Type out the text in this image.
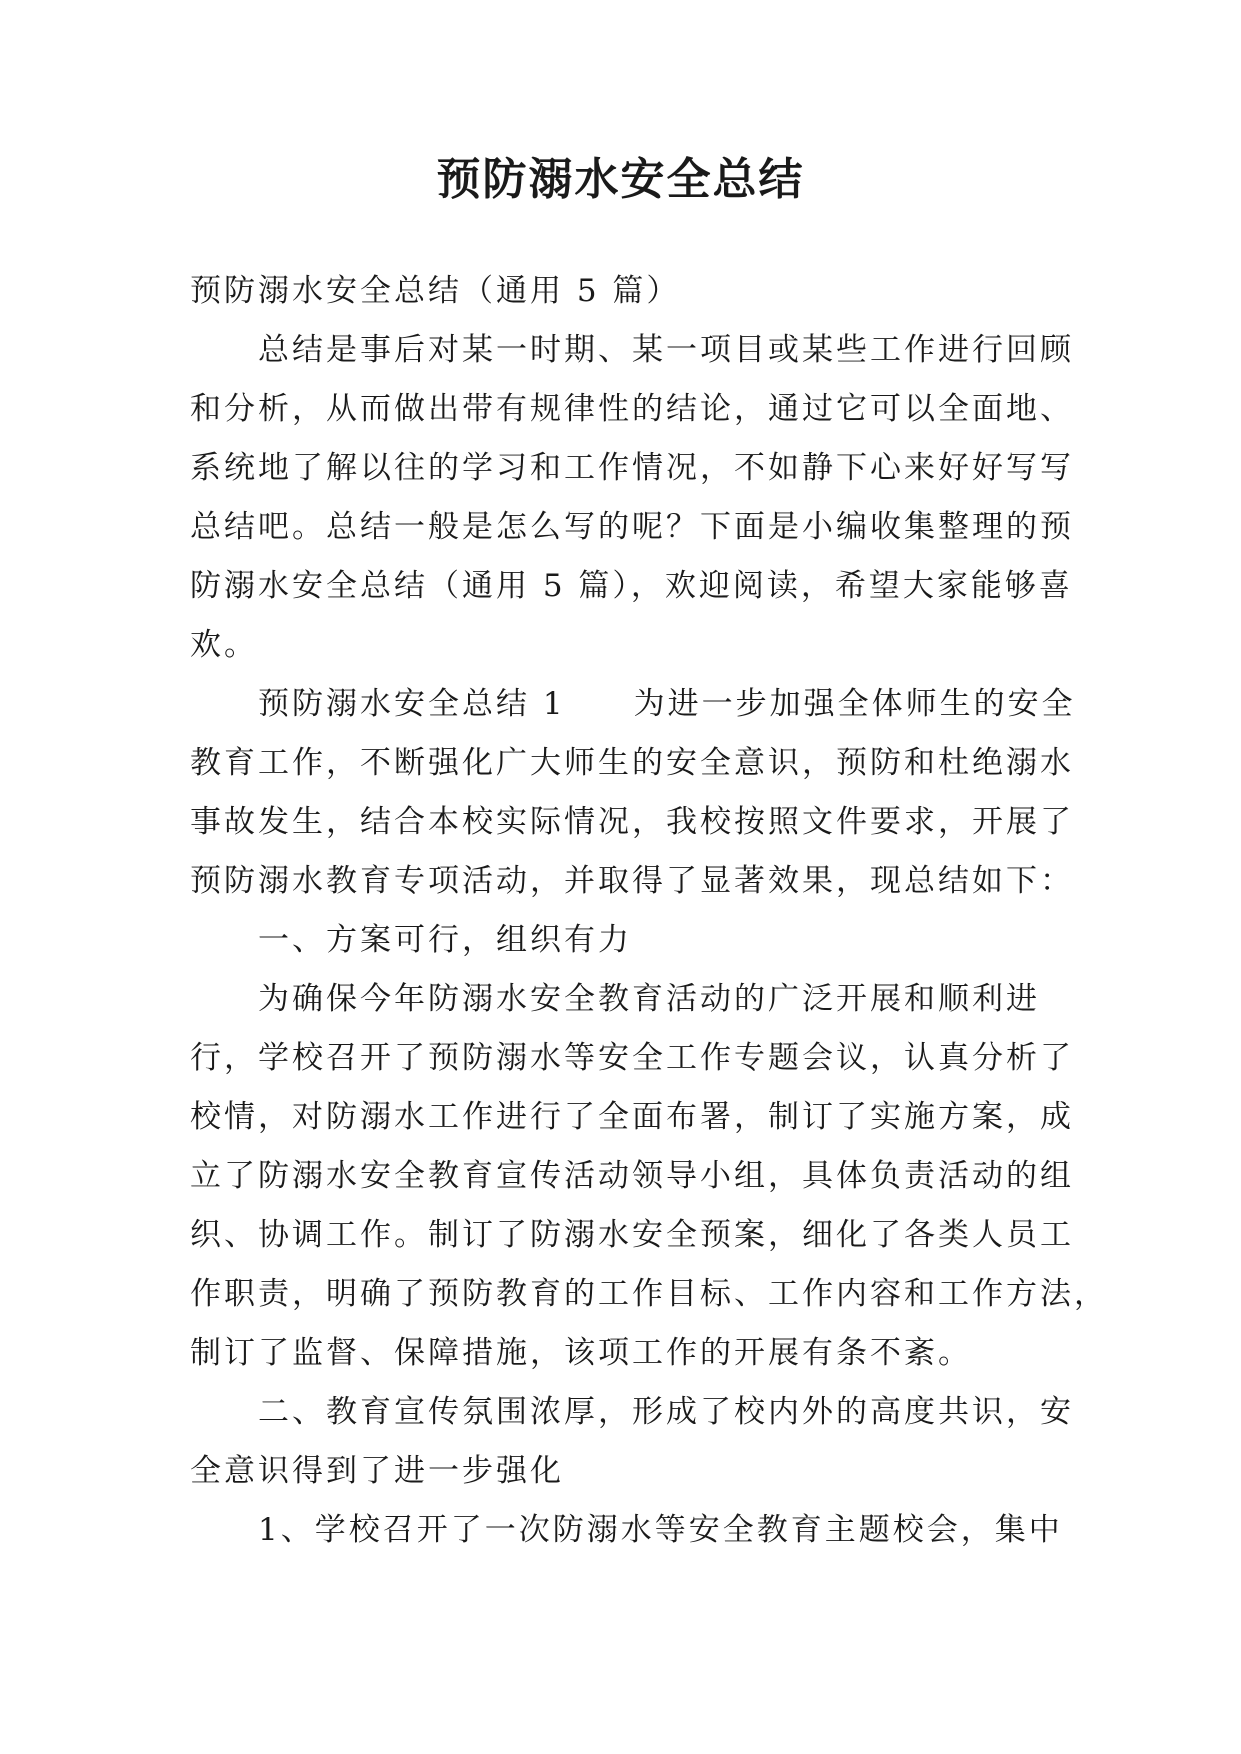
预防溺水安全总结
预防溺水安全总结（通用 5 篇）
总结是事后对某一时期、某一项目或某些工作进行回顾
和分析，从而做出带有规律性的结论，通过它可以全面地、
系统地了解以往的学习和工作情况，不如静下心来好好写写
总结吧。总结一般是怎么写的呢？下面是小编收集整理的预
防溺水安全总结（通用 5 篇），欢迎阅读，希望大家能够喜
欢。
预防溺水安全总结 1　　为进一步加强全体师生的安全
教育工作，不断强化广大师生的安全意识，预防和杜绝溺水
事故发生，结合本校实际情况，我校按照文件要求，开展了
预防溺水教育专项活动，并取得了显著效果，现总结如下：
一、方案可行，组织有力
为确保今年防溺水安全教育活动的广泛开展和顺利进
行，学校召开了预防溺水等安全工作专题会议，认真分析了
校情，对防溺水工作进行了全面布署，制订了实施方案，成
立了防溺水安全教育宣传活动领导小组，具体负责活动的组
织、协调工作。制订了防溺水安全预案，细化了各类人员工
作职责，明确了预防教育的工作目标、工作内容和工作方法，
制订了监督、保障措施，该项工作的开展有条不紊。
二、教育宣传氛围浓厚，形成了校内外的高度共识，安
全意识得到了进一步强化
1、学校召开了一次防溺水等安全教育主题校会，集中
